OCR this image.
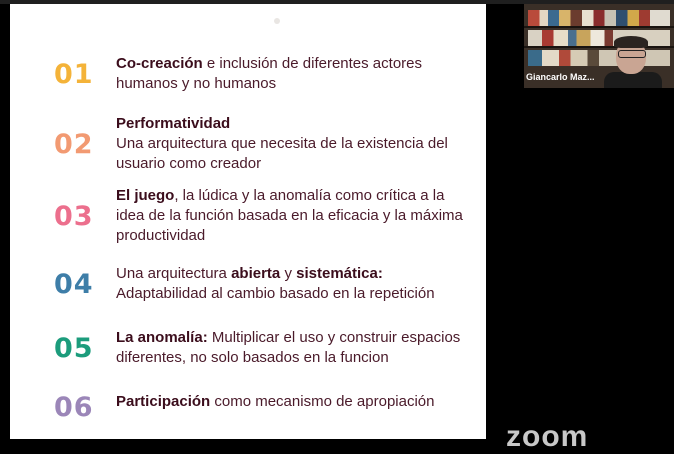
01 Co-creación e inclusión de diferentes actores humanos y no humanos
02
Performatividad
Una arquitectura que necesita de la existencia del usuario como creador
03
El juego, la lúdica y la anomalía como crítica a la idea de la función basada en la eficacia y la máxima productividad
04 Una arquitectura abierta y sistemática: Adaptabilidad al cambio basado en la repetición
05 La anomalía: Multiplicar el uso y construir espacios diferentes, no solo basados en la funcion
06 Participación como mecanismo de apropiación
Giancarlo Maz...
zoom
